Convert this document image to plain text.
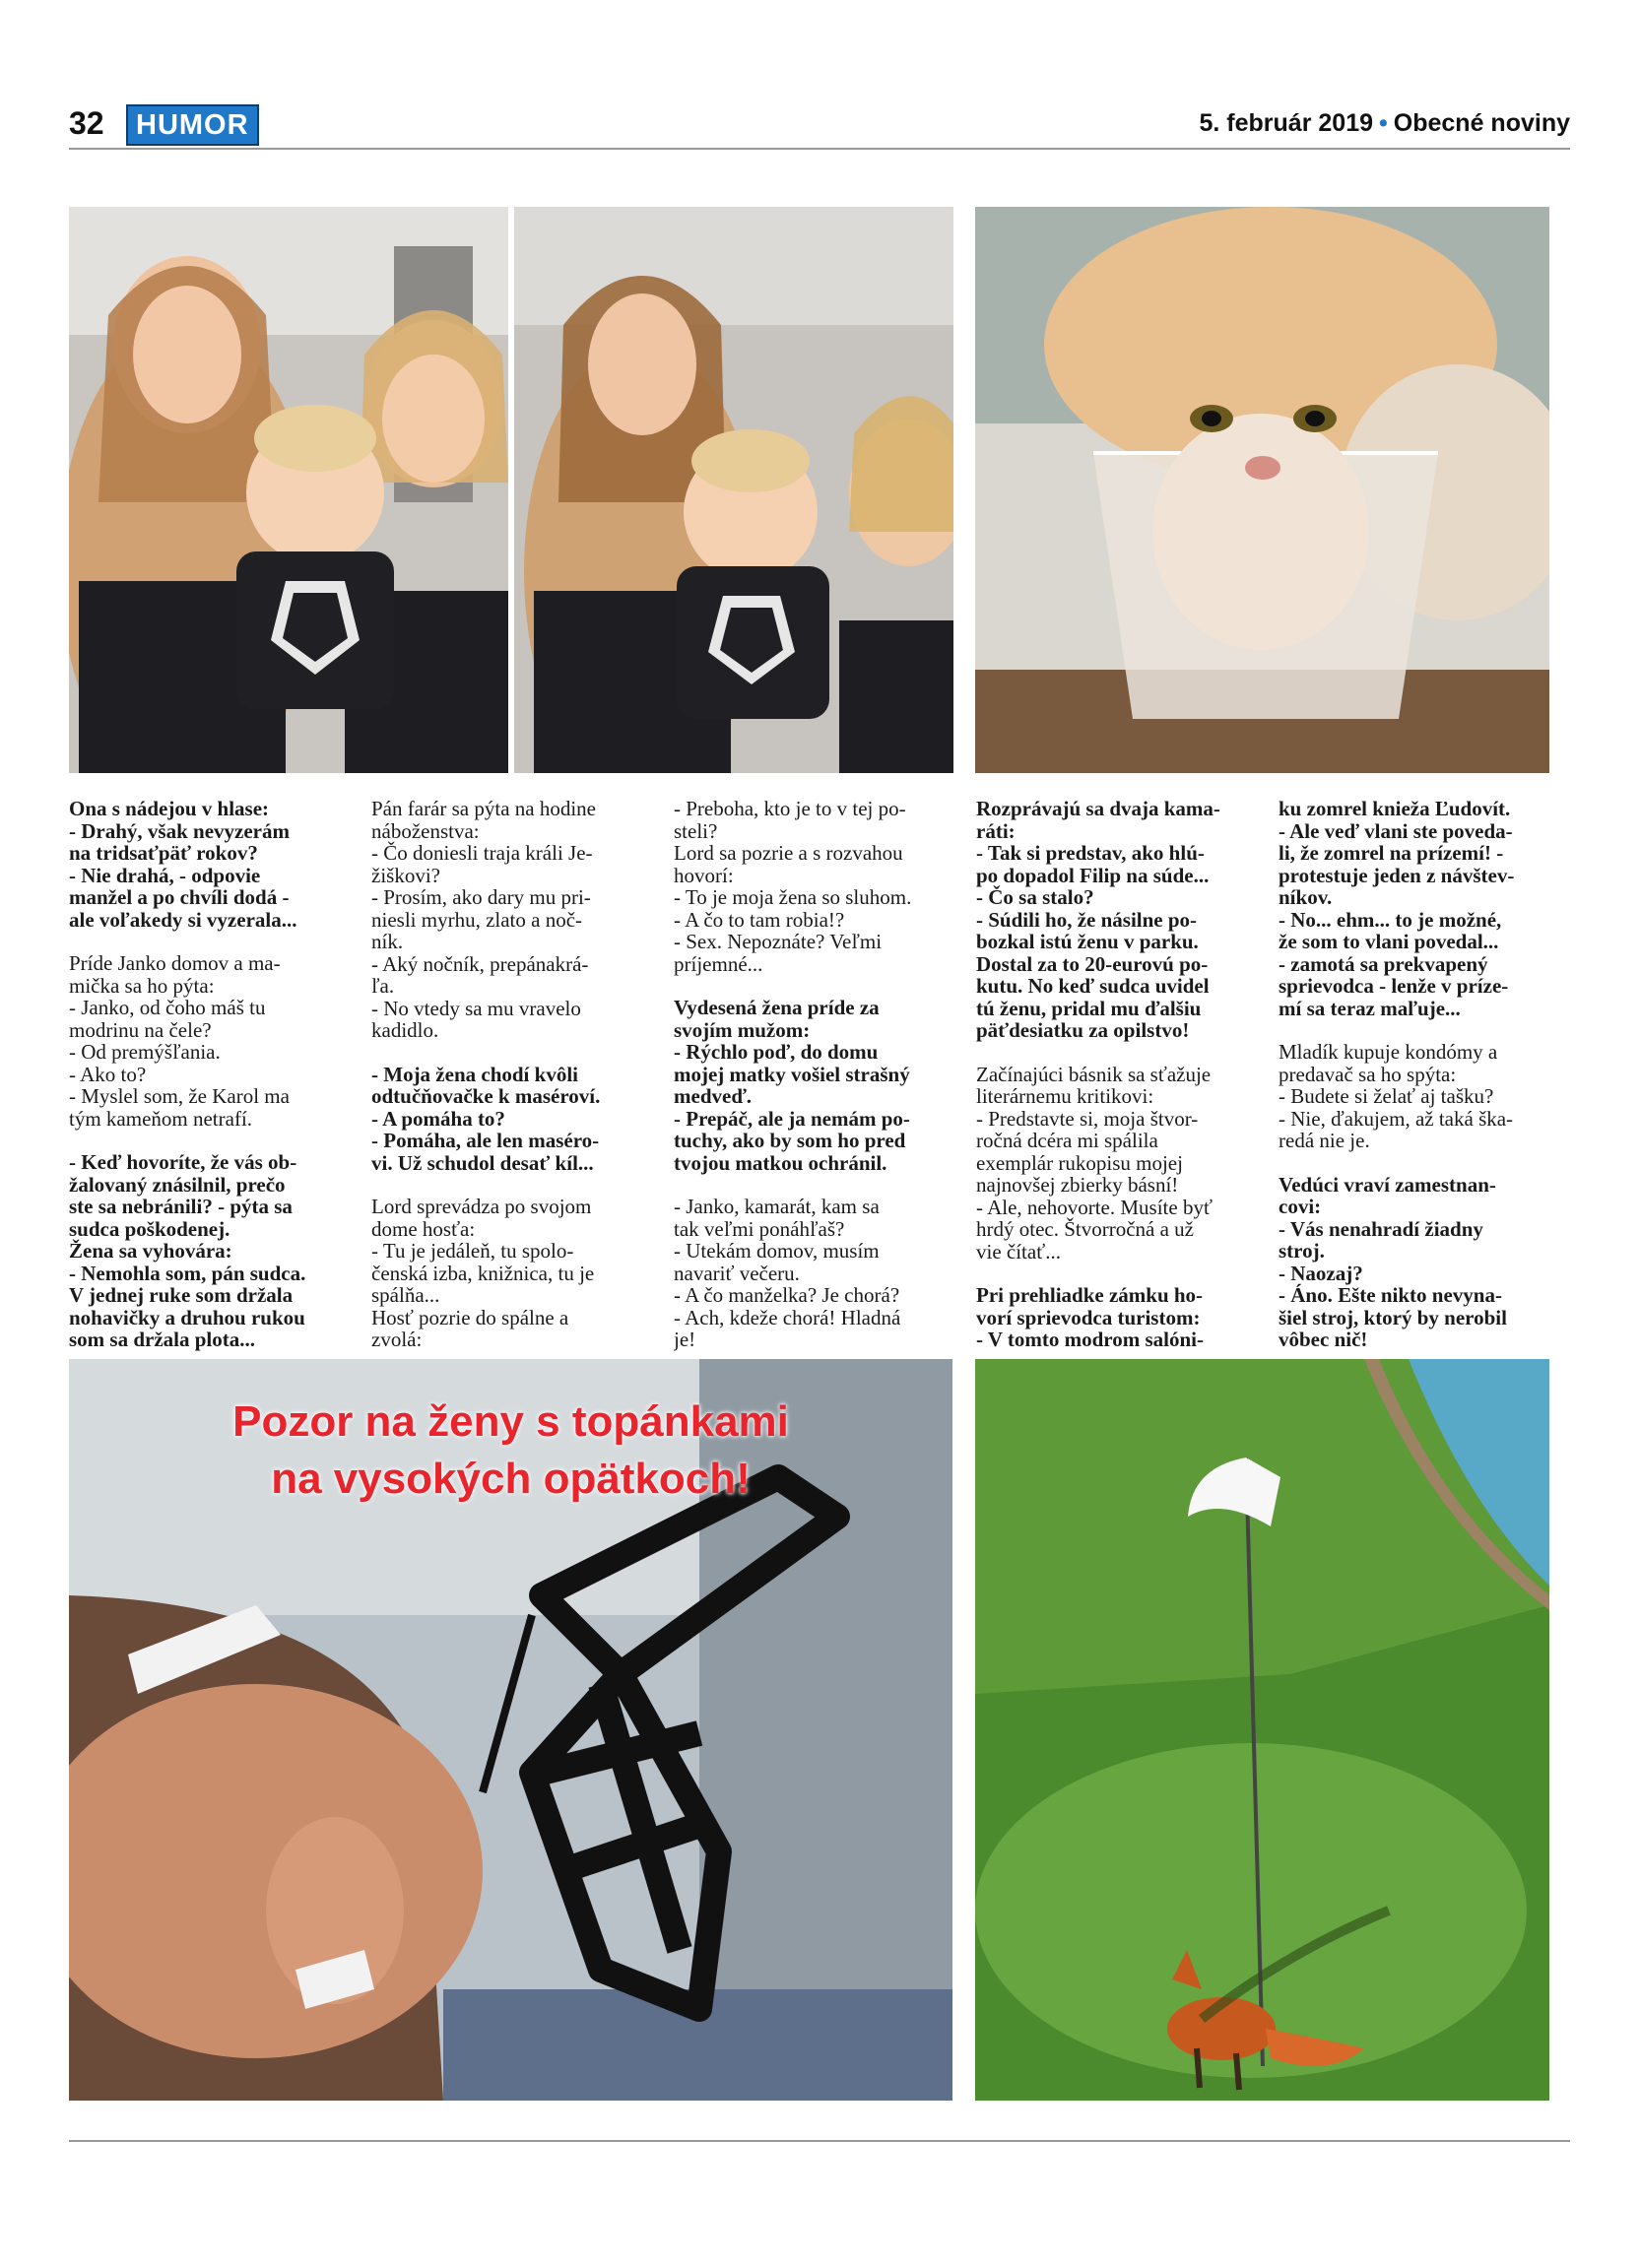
32	HUMOR	5. február 2019 • Obecné noviny

Ona s nádejou v hlase:
- Drahý, však nevyzerám
na tridsaťpäť rokov?
- Nie drahá, - odpovie
manžel a po chvíli dodá -
ale voľakedy si vyzerala...

Príde Janko domov a ma-
mička sa ho pýta:
- Janko, od čoho máš tu
modrinu na čele?
- Od premýšľania.
- Ako to?
- Myslel som, že Karol ma
tým kameňom netrafí.

- Keď hovoríte, že vás ob-
žalovaný znásilnil, prečo
ste sa nebránili? - pýta sa
sudca poškodenej.
Žena sa vyhovára:
- Nemohla som, pán sudca.
V jednej ruke som držala
nohavičky a druhou rukou
som sa držala plota...

Pán farár sa pýta na hodine
náboženstva:
- Čo doniesli traja králi Je-
žiškovi?
- Prosím, ako dary mu pri-
niesli myrhu, zlato a noč-
ník.
- Aký nočník, prepánakrá-
ľa.
- No vtedy sa mu vravelo
kadidlo.

- Moja žena chodí kvôli
odtučňovačke k maséroví.
- A pomáha to?
- Pomáha, ale len maséro-
vi. Už schudol desať kíl...

Lord sprevádza po svojom
dome hosťa:
- Tu je jedáleň, tu spolo-
čenská izba, knižnica, tu je
spálňa...
Hosť pozrie do spálne a
zvolá:

- Preboha, kto je to v tej po-
steli?
Lord sa pozrie a s rozvahou
hovorí:
- To je moja žena so sluhom.
- A čo to tam robia!?
- Sex. Nepoznáte? Veľmi
príjemné...

Vydesená žena príde za
svojím mužom:
- Rýchlo poď, do domu
mojej matky vošiel strašný
medveď.
- Prepáč, ale ja nemám po-
tuchy, ako by som ho pred
tvojou matkou ochránil.

- Janko, kamarát, kam sa
tak veľmi ponáhľaš?
- Utekám domov, musím
navariť večeru.
- A čo manželka? Je chorá?
- Ach, kdeže chorá! Hladná
je!

Rozprávajú sa dvaja kama-
ráti:
- Tak si predstav, ako hlú-
po dopadol Filip na súde...
- Čo sa stalo?
- Súdili ho, že násilne po-
bozkal istú ženu v parku.
Dostal za to 20-eurovú po-
kutu. No keď sudca uvidel
tú ženu, pridal mu ďalšiu
päťdesiatku za opilstvo!

Začínajúci básnik sa sťažuje
literárnemu kritikovi:
- Predstavte si, moja štvor-
ročná dcéra mi spálila
exemplár rukopisu mojej
najnovšej zbierky básní!
- Ale, nehovorte. Musíte byť
hrdý otec. Štvorročná a už
vie čítať...

Pri prehliadke zámku ho-
vorí sprievodca turistom:
- V tomto modrom salóni-

ku zomrel knieža Ľudovít.
- Ale veď vlani ste poveda-
li, že zomrel na prízemí! -
protestuje jeden z návštev-
níkov.
- No... ehm... to je možné,
že som to vlani povedal...
- zamotá sa prekvapený
sprievodca - lenže v príze-
mí sa teraz maľuje...

Mladík kupuje kondómy a
predavač sa ho spýta:
- Budete si želať aj tašku?
- Nie, ďakujem, až taká ška-
redá nie je.

Vedúci vraví zamestnan-
covi:
- Vás nenahradí žiadny
stroj.
- Naozaj?
- Áno. Ešte nikto nevyna-
šiel stroj, ktorý by nerobil
vôbec nič!

Pozor na ženy s topánkami
na vysokých opätkoch!
